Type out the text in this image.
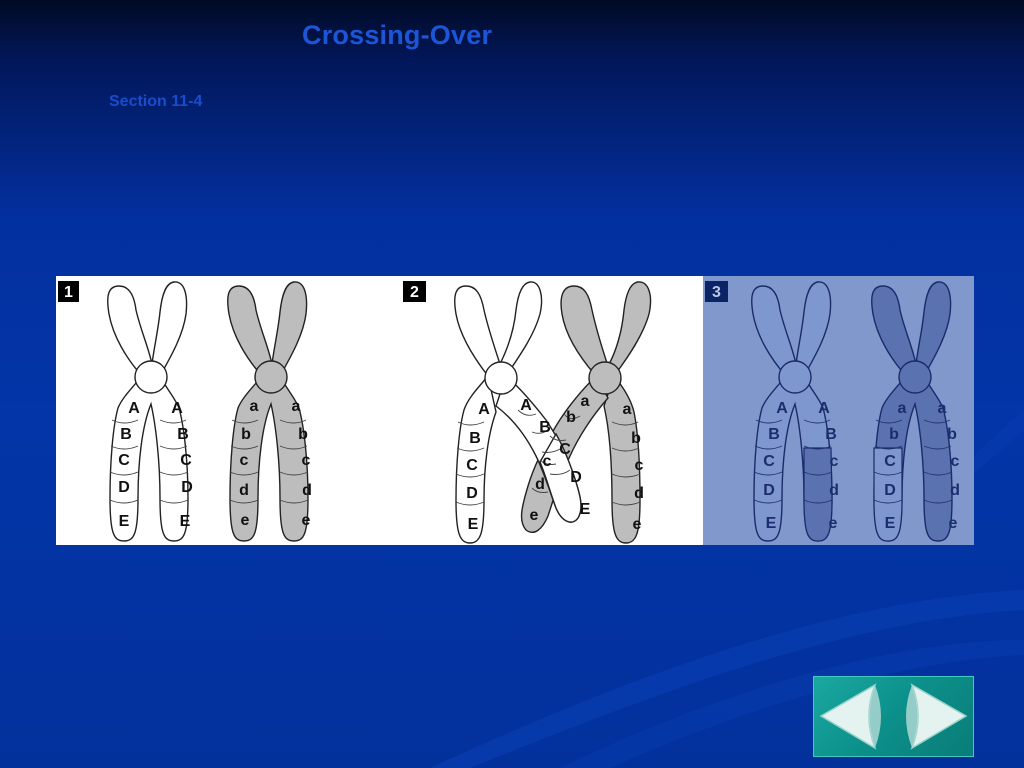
Crossing-Over
Section 11-4
1
A
B
C
D
E
A
B
C
D
E
a
b
c
d
e
a
b
c
d
e
2
A
B
C
D
E
A
B
C
D
E
a
b
c
d
e
a
b
c
d
e
3
A
B
C
D
E
A
B
c
d
e
a
b
C
D
E
a
b
c
d
e
